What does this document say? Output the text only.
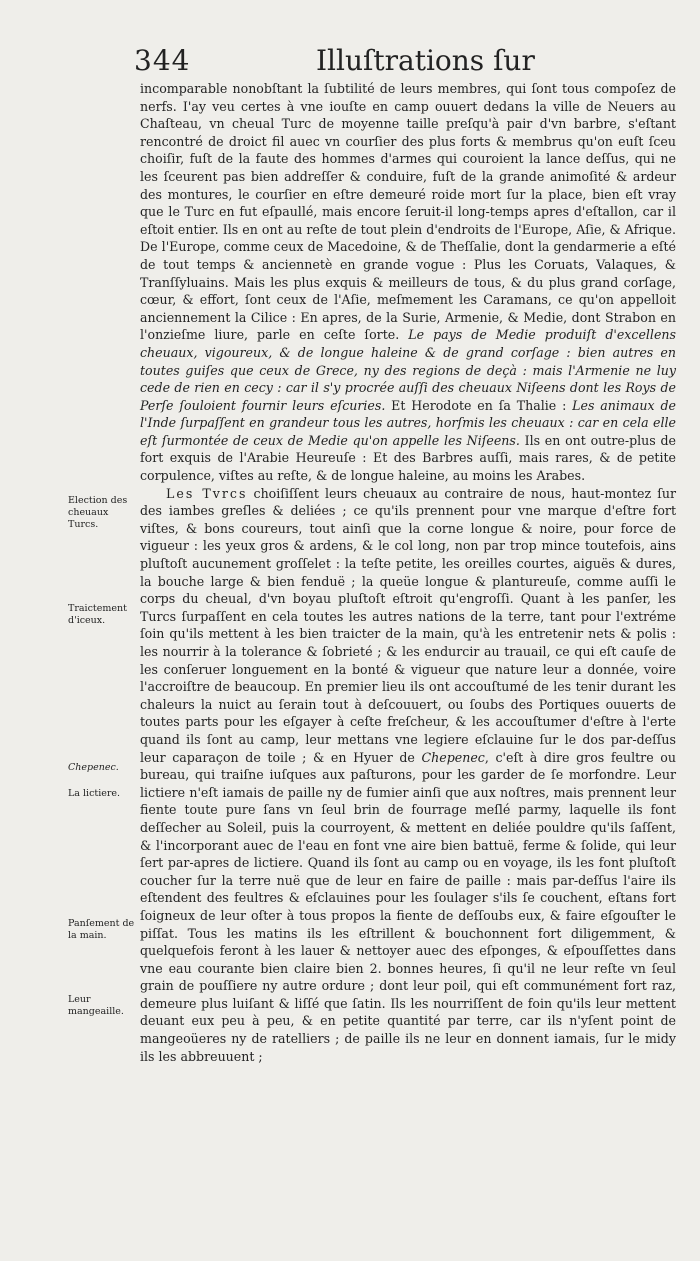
344	Illuſtrations ſur
Election des cheuaux Turcs.
Traictement d'iceux.
Chepenec.
La lictiere.
Panſement de la main.
Leur mangeaille.

incomparable nonobſtant la ſubtilité de leurs membres, qui ſont tous compoſez de nerfs. I'ay veu certes à vne iouſte en camp ouuert dedans la ville de Neuers au Chaſteau, vn cheual Turc de moyenne taille preſqu'à pair d'vn barbre, s'eſtant rencontré de droict fil auec vn courſier des plus forts & membrus qu'on euſt ſceu choiſir, fuſt de la faute des hommes d'armes qui couroient la lance deſſus, qui ne les ſceurent pas bien addreſſer & conduire, fuſt de la grande animoſité & ardeur des montures, le courſier en eſtre demeuré roide mort ſur la place, bien eſt vray que le Turc en fut eſpaullé, mais encore ſeruit-il long-temps apres d'eſtallon, car il eſtoit entier. Ils en ont au reſte de tout plein d'endroits de l'Europe, Aſie, & Afrique. De l'Europe, comme ceux de Macedoine, & de Theſſalie, dont la gendarmerie a eſté de tout temps & anciennetè en grande vogue : Plus les Coruats, Valaques, & Tranſſyluains. Mais les plus exquis & meilleurs de tous, & du plus grand corſage, cœur, & effort, ſont ceux de l'Aſie, meſmement les Caramans, ce qu'on appelloit anciennement la Cilice : En apres, de la Surie, Armenie, & Medie, dont Strabon en l'onzieſme liure, parle en ceſte ſorte. Le pays de Medie produiſt d'excellens cheuaux, vigoureux, & de longue haleine & de grand corſage : bien autres en toutes guiſes que ceux de Grece, ny des regions de deçà : mais l'Armenie ne luy cede de rien en cecy : car il s'y procrée auſſi des cheuaux Niſeens dont les Roys de Perſe ſouloient fournir leurs eſcuries. Et Herodote en ſa Thalie : Les animaux de l'Inde ſurpaſſent en grandeur tous les autres, horſmis les cheuaux : car en cela elle eſt ſurmontée de ceux de Medie qu'on appelle les Niſeens. Ils en ont outre-plus de fort exquis de l'Arabie Heureuſe : Et des Barbres auſſi, mais rares, & de petite corpulence, viſtes au reſte, & de longue haleine, au moins les Arabes.

Les Tvrcs choiſiſſent leurs cheuaux au contraire de nous, haut-montez ſur des iambes greſles & deliées ; ce qu'ils prennent pour vne marque d'eſtre fort viſtes, & bons coureurs, tout ainſi que la corne longue & noire, pour force de vigueur : les yeux gros & ardens, & le col long, non par trop mince toutefois, ains pluſtoſt aucunement groſſelet : la teſte petite, les oreilles courtes, aiguës & dures, la bouche large & bien fenduë ; la queüe longue & plantureuſe, comme auſſi le corps du cheual, d'vn boyau pluſtoſt eſtroit qu'engroſſi. Quant à les panſer, les Turcs ſurpaſſent en cela toutes les autres nations de la terre, tant pour l'extréme ſoin qu'ils mettent à les bien traicter de la main, qu'à les entretenir nets & polis : les nourrir à la tolerance & ſobrieté ; & les endurcir au trauail, ce qui eſt cauſe de les conſeruer longuement en la bonté & vigueur que nature leur a donnée, voire l'accroiſtre de beaucoup. En premier lieu ils ont accouſtumé de les tenir durant les chaleurs la nuict au ſerain tout à deſcouuert, ou ſoubs des Portiques ouuerts de toutes parts pour les eſgayer à ceſte freſcheur, & les accouſtumer d'eſtre à l'erte quand ils ſont au camp, leur mettans vne legiere eſclauine ſur le dos par-deſſus leur caparaçon de toile ; & en Hyuer de Chepenec, c'eſt à dire gros feultre ou bureau, qui traiſne iuſques aux paſturons, pour les garder de ſe morfondre. Leur lictiere n'eſt iamais de paille ny de fumier ainſi que aux noſtres, mais prennent leur fiente toute pure ſans vn ſeul brin de fourrage meſlé parmy, laquelle ils font deſſecher au Soleil, puis la courroyent, & mettent en deliée pouldre qu'ils ſaſſent, & l'incorporant auec de l'eau en font vne aire bien battuë, ferme & ſolide, qui leur ſert par-apres de lictiere. Quand ils ſont au camp ou en voyage, ils les font pluſtoſt coucher ſur la terre nuë que de leur en faire de paille : mais par-deſſus l'aire ils eſtendent des feultres & eſclauines pour les ſoulager s'ils ſe couchent, eſtans fort ſoigneux de leur oſter à tous propos la fiente de deſſoubs eux, & faire eſgouſter le piſſat. Tous les matins ils les eſtrillent & bouchonnent fort diligemment, & quelquefois feront à les lauer & nettoyer auec des eſponges, & eſpouſſettes dans vne eau courante bien claire bien 2. bonnes heures, ſi qu'il ne leur reſte vn ſeul grain de pouſſiere ny autre ordure ; dont leur poil, qui eſt communément fort raz, demeure plus luiſant & liſſé que ſatin. Ils les nourriſſent de foin qu'ils leur mettent deuant eux peu à peu, & en petite quantité par terre, car ils n'yſent point de mangeoüeres ny de ratelliers ; de paille ils ne leur en donnent iamais, ſur le midy ils les abbreuuent ;
